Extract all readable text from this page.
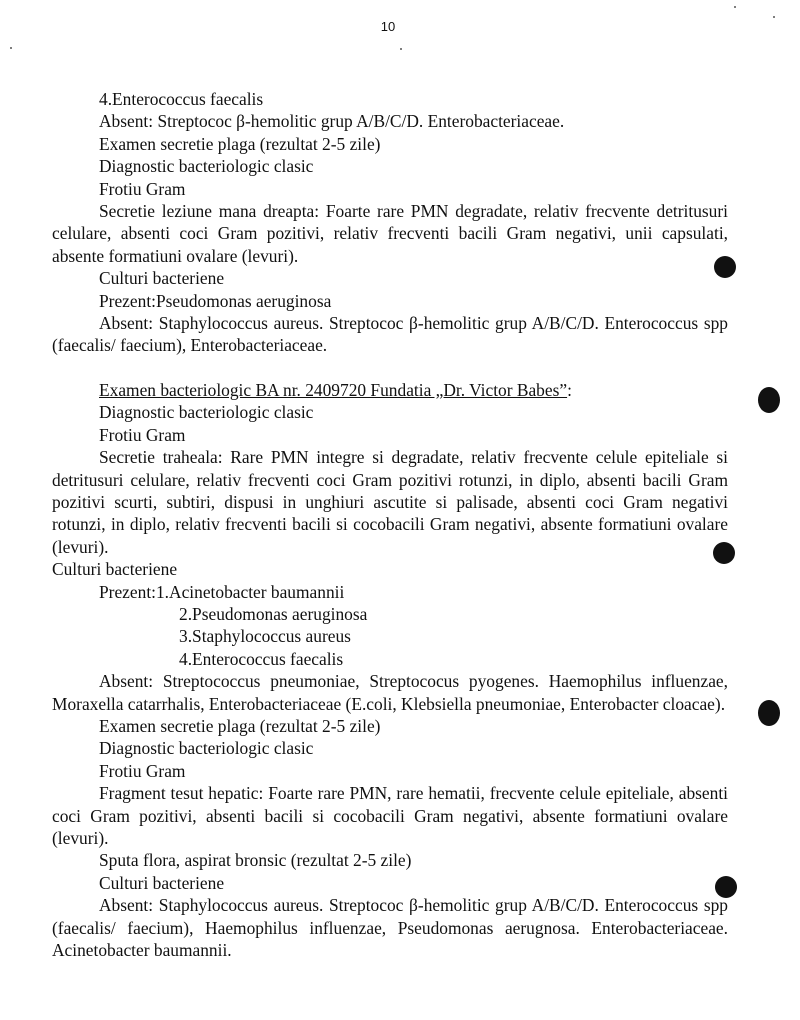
10
4.Enterococcus faecalis
Absent: Streptococ β-hemolitic grup A/B/C/D. Enterobacteriaceae.
Examen secretie plaga (rezultat 2-5 zile)
Diagnostic bacteriologic clasic
Frotiu Gram

Secretie leziune mana dreapta: Foarte rare PMN degradate, relativ frecvente detritusuri celulare, absenti coci Gram pozitivi, relativ frecventi bacili Gram negativi, unii capsulati, absente formatiuni ovalare (levuri).

Culturi bacteriene
Prezent:Pseudomonas aeruginosa

Absent: Staphylococcus aureus. Streptococ β-hemolitic grup A/B/C/D. Enterococcus spp (faecalis/ faecium), Enterobacteriaceae.

Examen bacteriologic BA nr. 2409720 Fundatia „Dr. Victor Babes”:
Diagnostic bacteriologic clasic
Frotiu Gram

Secretie traheala: Rare PMN integre si degradate, relativ frecvente celule epiteliale si detritusuri celulare, relativ frecventi coci Gram pozitivi rotunzi, in diplo, absenti bacili Gram pozitivi scurti, subtiri, dispusi in unghiuri ascutite si palisade, absenti coci Gram negativi rotunzi, in diplo, relativ frecventi bacili si cocobacili Gram negativi, absente formatiuni ovalare (levuri).

Culturi bacteriene
Prezent:1.Acinetobacter baumannii
2.Pseudomonas aeruginosa
3.Staphylococcus aureus
4.Enterococcus faecalis

Absent: Streptococcus pneumoniae, Streptococus pyogenes. Haemophilus influenzae, Moraxella catarrhalis, Enterobacteriaceae (E.coli, Klebsiella pneumoniae, Enterobacter cloacae).

Examen secretie plaga (rezultat 2-5 zile)
Diagnostic bacteriologic clasic
Frotiu Gram

Fragment tesut hepatic: Foarte rare PMN, rare hematii, frecvente celule epiteliale, absenti coci Gram pozitivi, absenti bacili si cocobacili Gram negativi, absente formatiuni ovalare (levuri).

Sputa flora, aspirat bronsic (rezultat 2-5 zile)
Culturi bacteriene

Absent: Staphylococcus aureus. Streptococ β-hemolitic grup A/B/C/D. Enterococcus spp (faecalis/ faecium), Haemophilus influenzae, Pseudomonas aerugnosa. Enterobacteriaceae. Acinetobacter baumannii.
